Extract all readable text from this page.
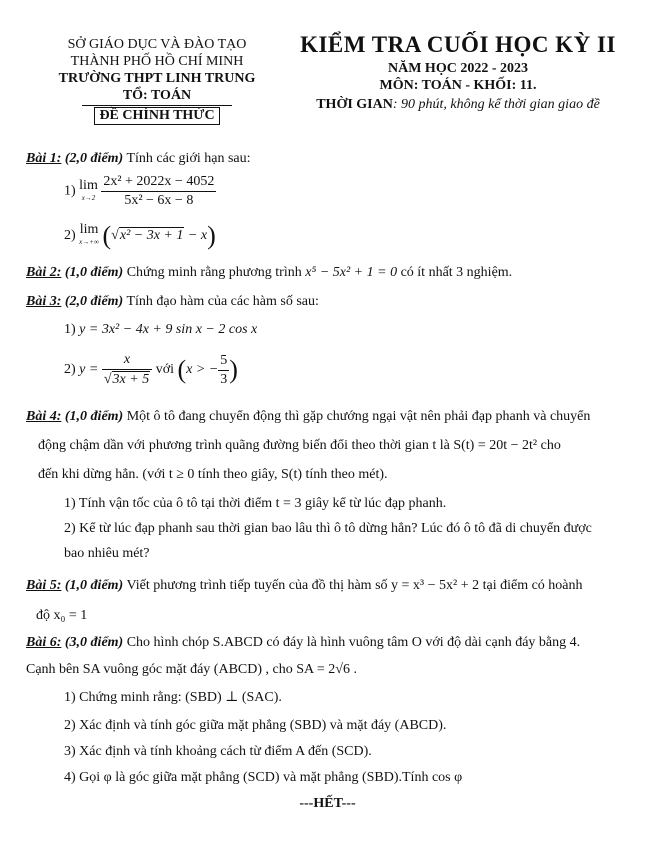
SỞ GIÁO DỤC VÀ ĐÀO TẠO
THÀNH PHỐ HỒ CHÍ MINH
TRƯỜNG THPT LINH TRUNG
TỔ: TOÁN
ĐỀ CHÍNH THỨC
KIỂM TRA CUỐI HỌC KỲ II
NĂM HỌC 2022 - 2023
MÔN: TOÁN - KHỐI: 11.
THỜI GIAN: 90 phút, không kể thời gian giao đề
Bài 1: (2,0 điểm) Tính các giới hạn sau:
1) lim
x→2
$\frac{\text{2x² + 2022x − 4052}}{\text{5x² − 6x − 8}}$
2) lim
x→+∞ (√x² − 3x + 1 − x)
Bài 2: (1,0 điểm) Chứng minh rằng phương trình x⁵ − 5x² + 1 = 0 có ít nhất 3 nghiệm.
Bài 3: (2,0 điểm) Tính đạo hàm của các hàm số sau:
1) y = 3x² − 4x + 9 sin x − 2 cos x
2) $y = \frac{x}{√3x + 5}$ với (x > − $\frac{5}{3}$ )
Bài 4: (1,0 điểm) Một ô tô đang chuyển động thì gặp chướng ngại vật nên phải đạp phanh và chuyển
động chậm dần với phương trình quãng đường biến đổi theo thời gian t là S(t) = 20t − 2t² cho
đến khi dừng hẳn. (với t ≥ 0 tính theo giây, S(t) tính theo mét).
1) Tính vận tốc của ô tô tại thời điểm t = 3 giây kể từ lúc đạp phanh.
2) Kể từ lúc đạp phanh sau thời gian bao lâu thì ô tô dừng hẳn? Lúc đó ô tô đã di chuyển được
bao nhiêu mét?
Bài 5: (1,0 điểm) Viết phương trình tiếp tuyến của đồ thị hàm số y = x³ − 5x² + 2 tại điểm có hoành
độ x₀ = 1
Bài 6: (3,0 điểm) Cho hình chóp S.ABCD có đáy là hình vuông tâm O với độ dài cạnh đáy bằng 4.
Cạnh bên SA vuông góc mặt đáy (ABCD) , cho SA = 2√6 .
1) Chứng minh rằng: (SBD) ⊥ (SAC).
2) Xác định và tính góc giữa mặt phẳng (SBD) và mặt đáy (ABCD).
3) Xác định và tính khoảng cách từ điểm A đến (SCD).
4) Gọi φ là góc giữa mặt phẳng (SCD) và mặt phẳng (SBD).Tính cos φ
---HẾT---
